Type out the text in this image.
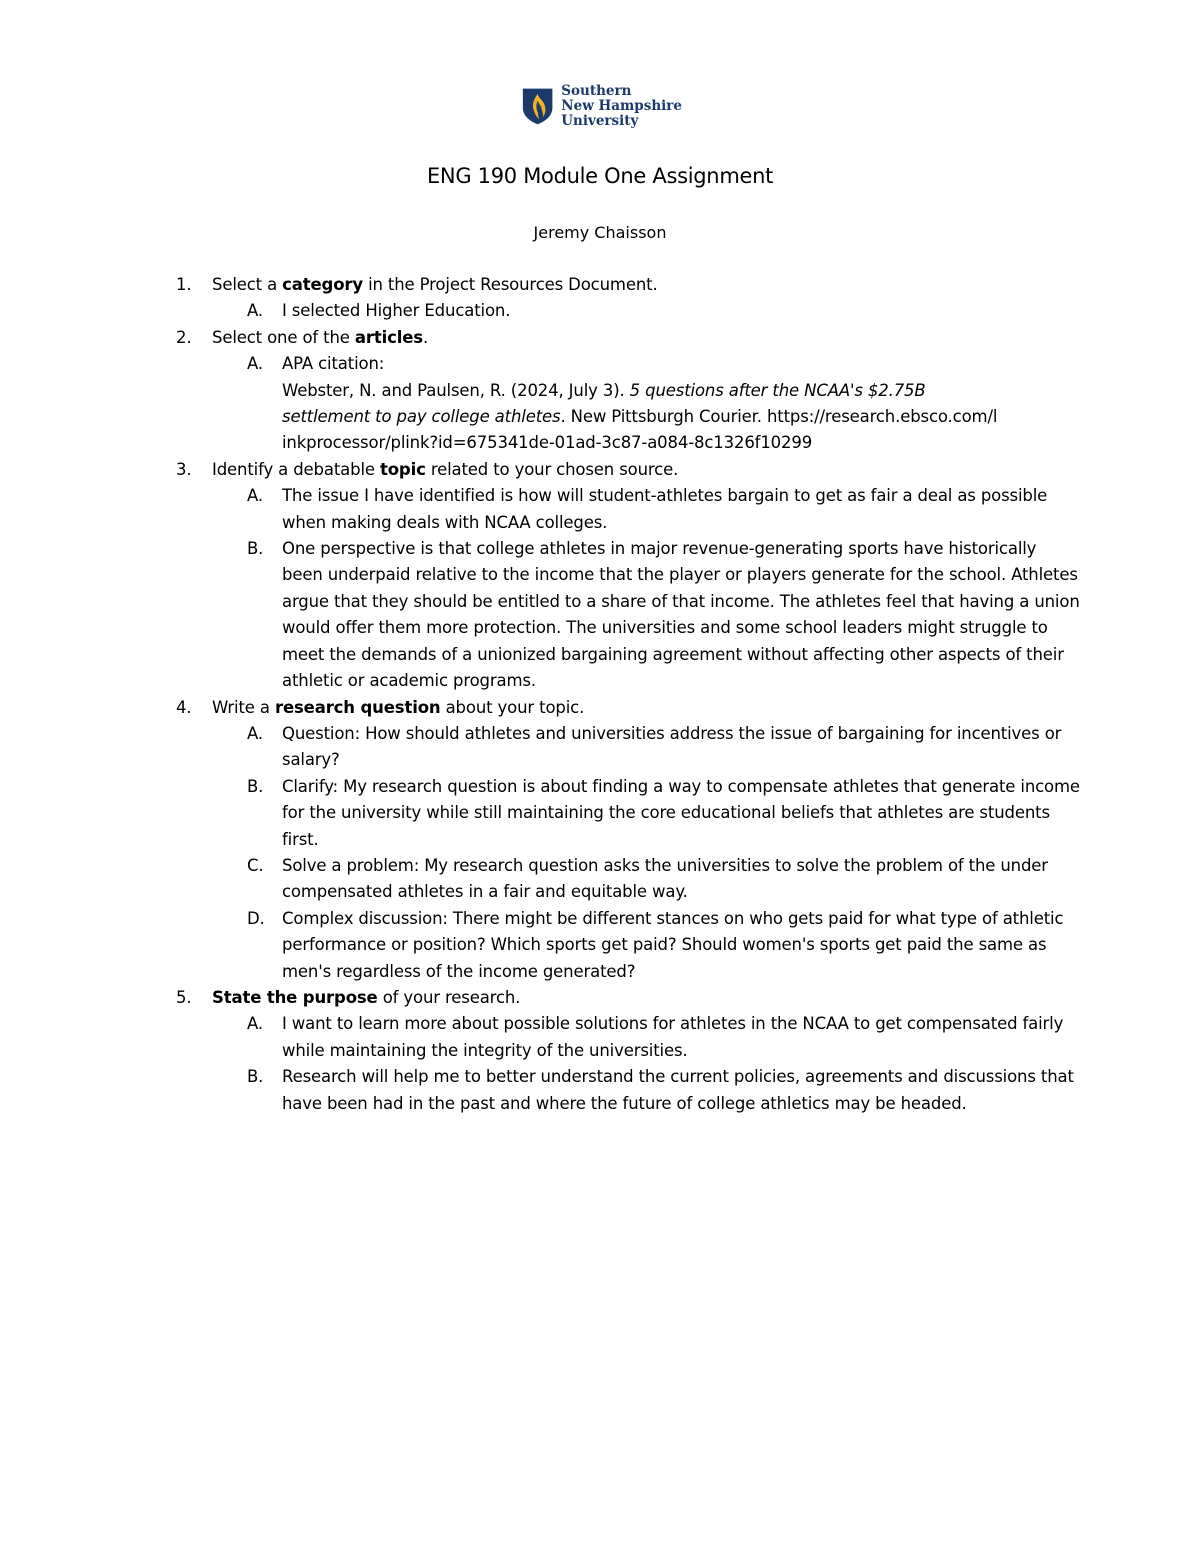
Southern
New Hampshire
University
ENG 190 Module One Assignment
Jeremy Chaisson
1. Select a category in the Project Resources Document.
A. I selected Higher Education.
2. Select one of the articles.
A. APA citation:
Webster, N. and Paulsen, R. (2024, July 3). 5 questions after the NCAA's $2.75B settlement to pay college athletes. New Pittsburgh Courier. https://research.ebsco.com/linkprocessor/plink?id=675341de-01ad-3c87-a084-8c1326f10299
3. Identify a debatable topic related to your chosen source.
A. The issue I have identified is how will student-athletes bargain to get as fair a deal as possible when making deals with NCAA colleges.
B. One perspective is that college athletes in major revenue-generating sports have historically been underpaid relative to the income that the player or players generate for the school. Athletes argue that they should be entitled to a share of that income. The athletes feel that having a union would offer them more protection. The universities and some school leaders might struggle to meet the demands of a unionized bargaining agreement without affecting other aspects of their athletic or academic programs.
4. Write a research question about your topic.
A. Question: How should athletes and universities address the issue of bargaining for incentives or salary?
B. Clarify: My research question is about finding a way to compensate athletes that generate income for the university while still maintaining the core educational beliefs that athletes are students first.
C. Solve a problem: My research question asks the universities to solve the problem of the under compensated athletes in a fair and equitable way.
D. Complex discussion: There might be different stances on who gets paid for what type of athletic performance or position? Which sports get paid? Should women's sports get paid the same as men's regardless of the income generated?
5. State the purpose of your research.
A. I want to learn more about possible solutions for athletes in the NCAA to get compensated fairly while maintaining the integrity of the universities.
B. Research will help me to better understand the current policies, agreements and discussions that have been had in the past and where the future of college athletics may be headed.
